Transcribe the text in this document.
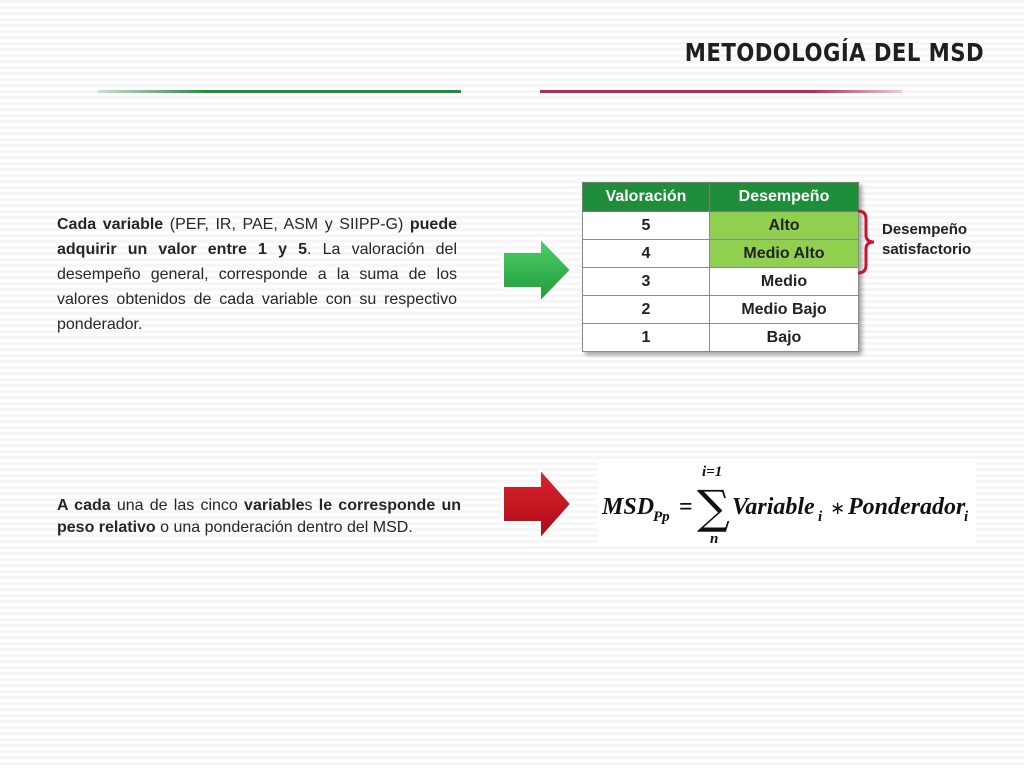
METODOLOGÍA DEL MSD

Cada variable (PEF, IR, PAE, ASM y SIIPP-G) puede adquirir un valor entre 1 y 5. La valoración del desempeño general, corresponde a la suma de los valores obtenidos de cada variable con su respectivo ponderador.

Valoración	Desempeño
5	Alto
4	Medio Alto
3	Medio
2	Medio Bajo
1	Bajo

Desempeño
satisfactorio

A cada una de las cinco variables le corresponde un peso relativo o una ponderación dentro del MSD.

MSD
Pp =
i=1
∑
n
Variable i ∗ Ponderador
i
